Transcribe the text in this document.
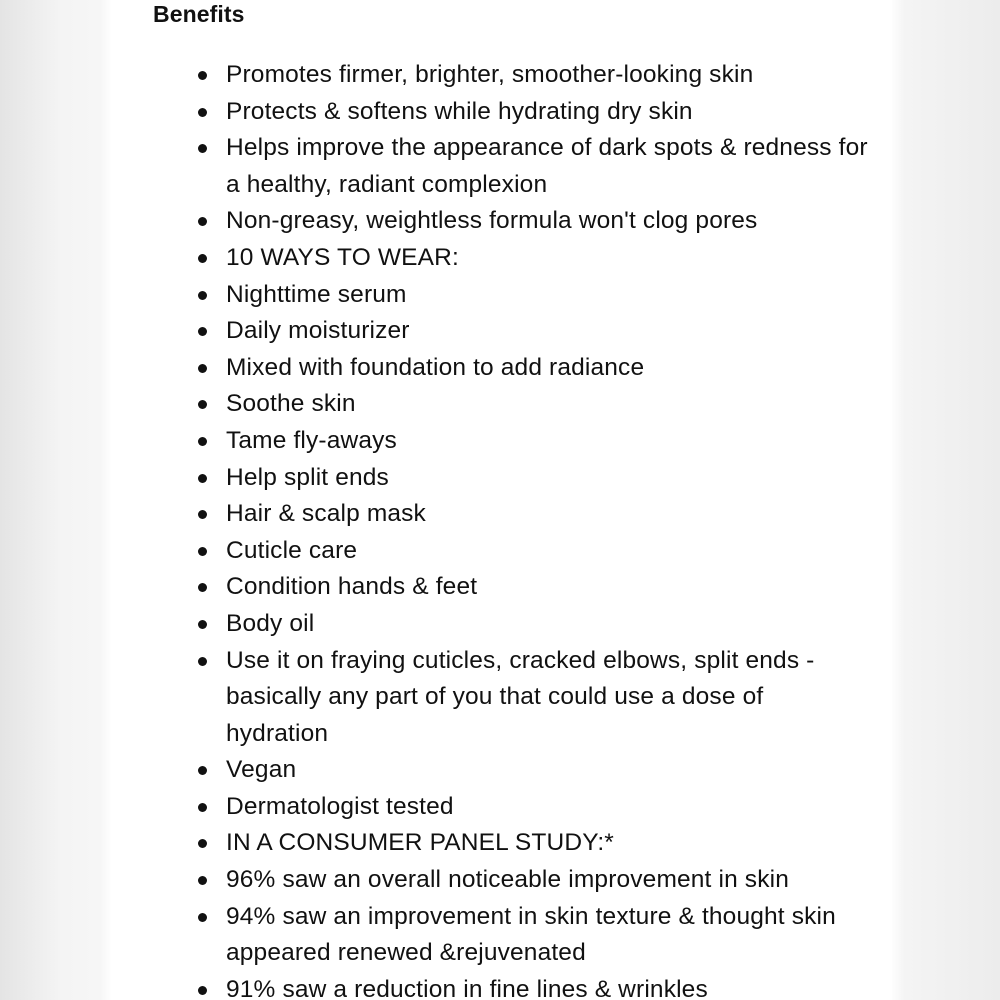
Benefits
Promotes firmer, brighter, smoother-looking skin
Protects & softens while hydrating dry skin
Helps improve the appearance of dark spots & redness for a healthy, radiant complexion
Non-greasy, weightless formula won't clog pores
10 WAYS TO WEAR:
Nighttime serum
Daily moisturizer
Mixed with foundation to add radiance
Soothe skin
Tame fly-aways
Help split ends
Hair & scalp mask
Cuticle care
Condition hands & feet
Body oil
Use it on fraying cuticles, cracked elbows, split ends - basically any part of you that could use a dose of hydration
Vegan
Dermatologist tested
IN A CONSUMER PANEL STUDY:*
96% saw an overall noticeable improvement in skin
94% saw an improvement in skin texture & thought skin appeared renewed &rejuvenated
91% saw a reduction in fine lines & wrinkles
